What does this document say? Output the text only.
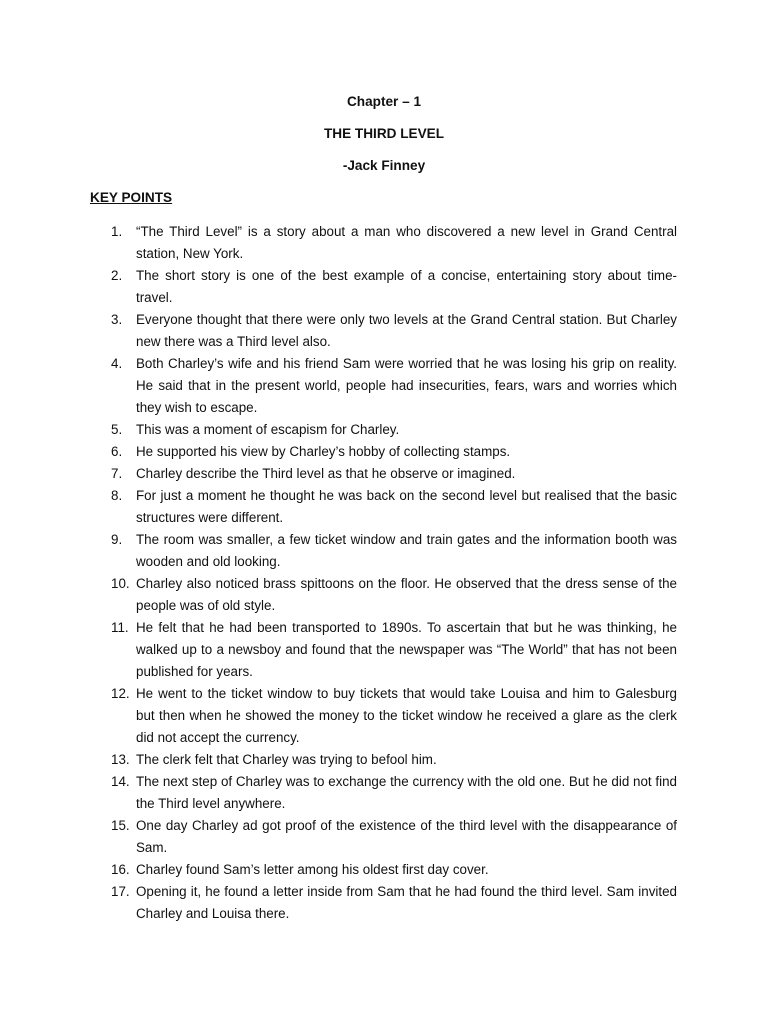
Chapter – 1
THE THIRD LEVEL
-Jack Finney
KEY POINTS
1.	“The Third Level” is a story about a man who discovered a new level in Grand Central station, New York.
2.	The short story is one of the best example of a concise, entertaining story about time-travel.
3.	Everyone thought that there were only two levels at the Grand Central station. But Charley new there was a Third level also.
4.	Both Charley’s wife and his friend Sam were worried that he was losing his grip on reality. He said that in the present world, people had insecurities, fears, wars and worries which they wish to escape.
5.	This was a moment of escapism for Charley.
6.	He supported his view by Charley’s hobby of collecting stamps.
7.	Charley describe the Third level as that he observe or imagined.
8.	For just a moment he thought he was back on the second level but realised that the basic structures were different.
9.	The room was smaller, a few ticket window and train gates and the information booth was wooden and old looking.
10. Charley also noticed brass spittoons on the floor. He observed that the dress sense of the people was of old style.
11. He felt that he had been transported to 1890s. To ascertain that but he was thinking, he walked up to a newsboy and found that the newspaper was “The World” that has not been published for years.
12. He went to the ticket window to buy tickets that would take Louisa and him to Galesburg but then when he showed the money to the ticket window he received a glare as the clerk did not accept the currency.
13. The clerk felt that Charley was trying to befool him.
14. The next step of Charley was to exchange the currency with the old one. But he did not find the Third level anywhere.
15. One day Charley ad got proof of the existence of the third level with the disappearance of Sam.
16. Charley found Sam’s letter among his oldest first day cover.
17. Opening it, he found a letter inside from Sam that he had found the third level. Sam invited Charley and Louisa there.
